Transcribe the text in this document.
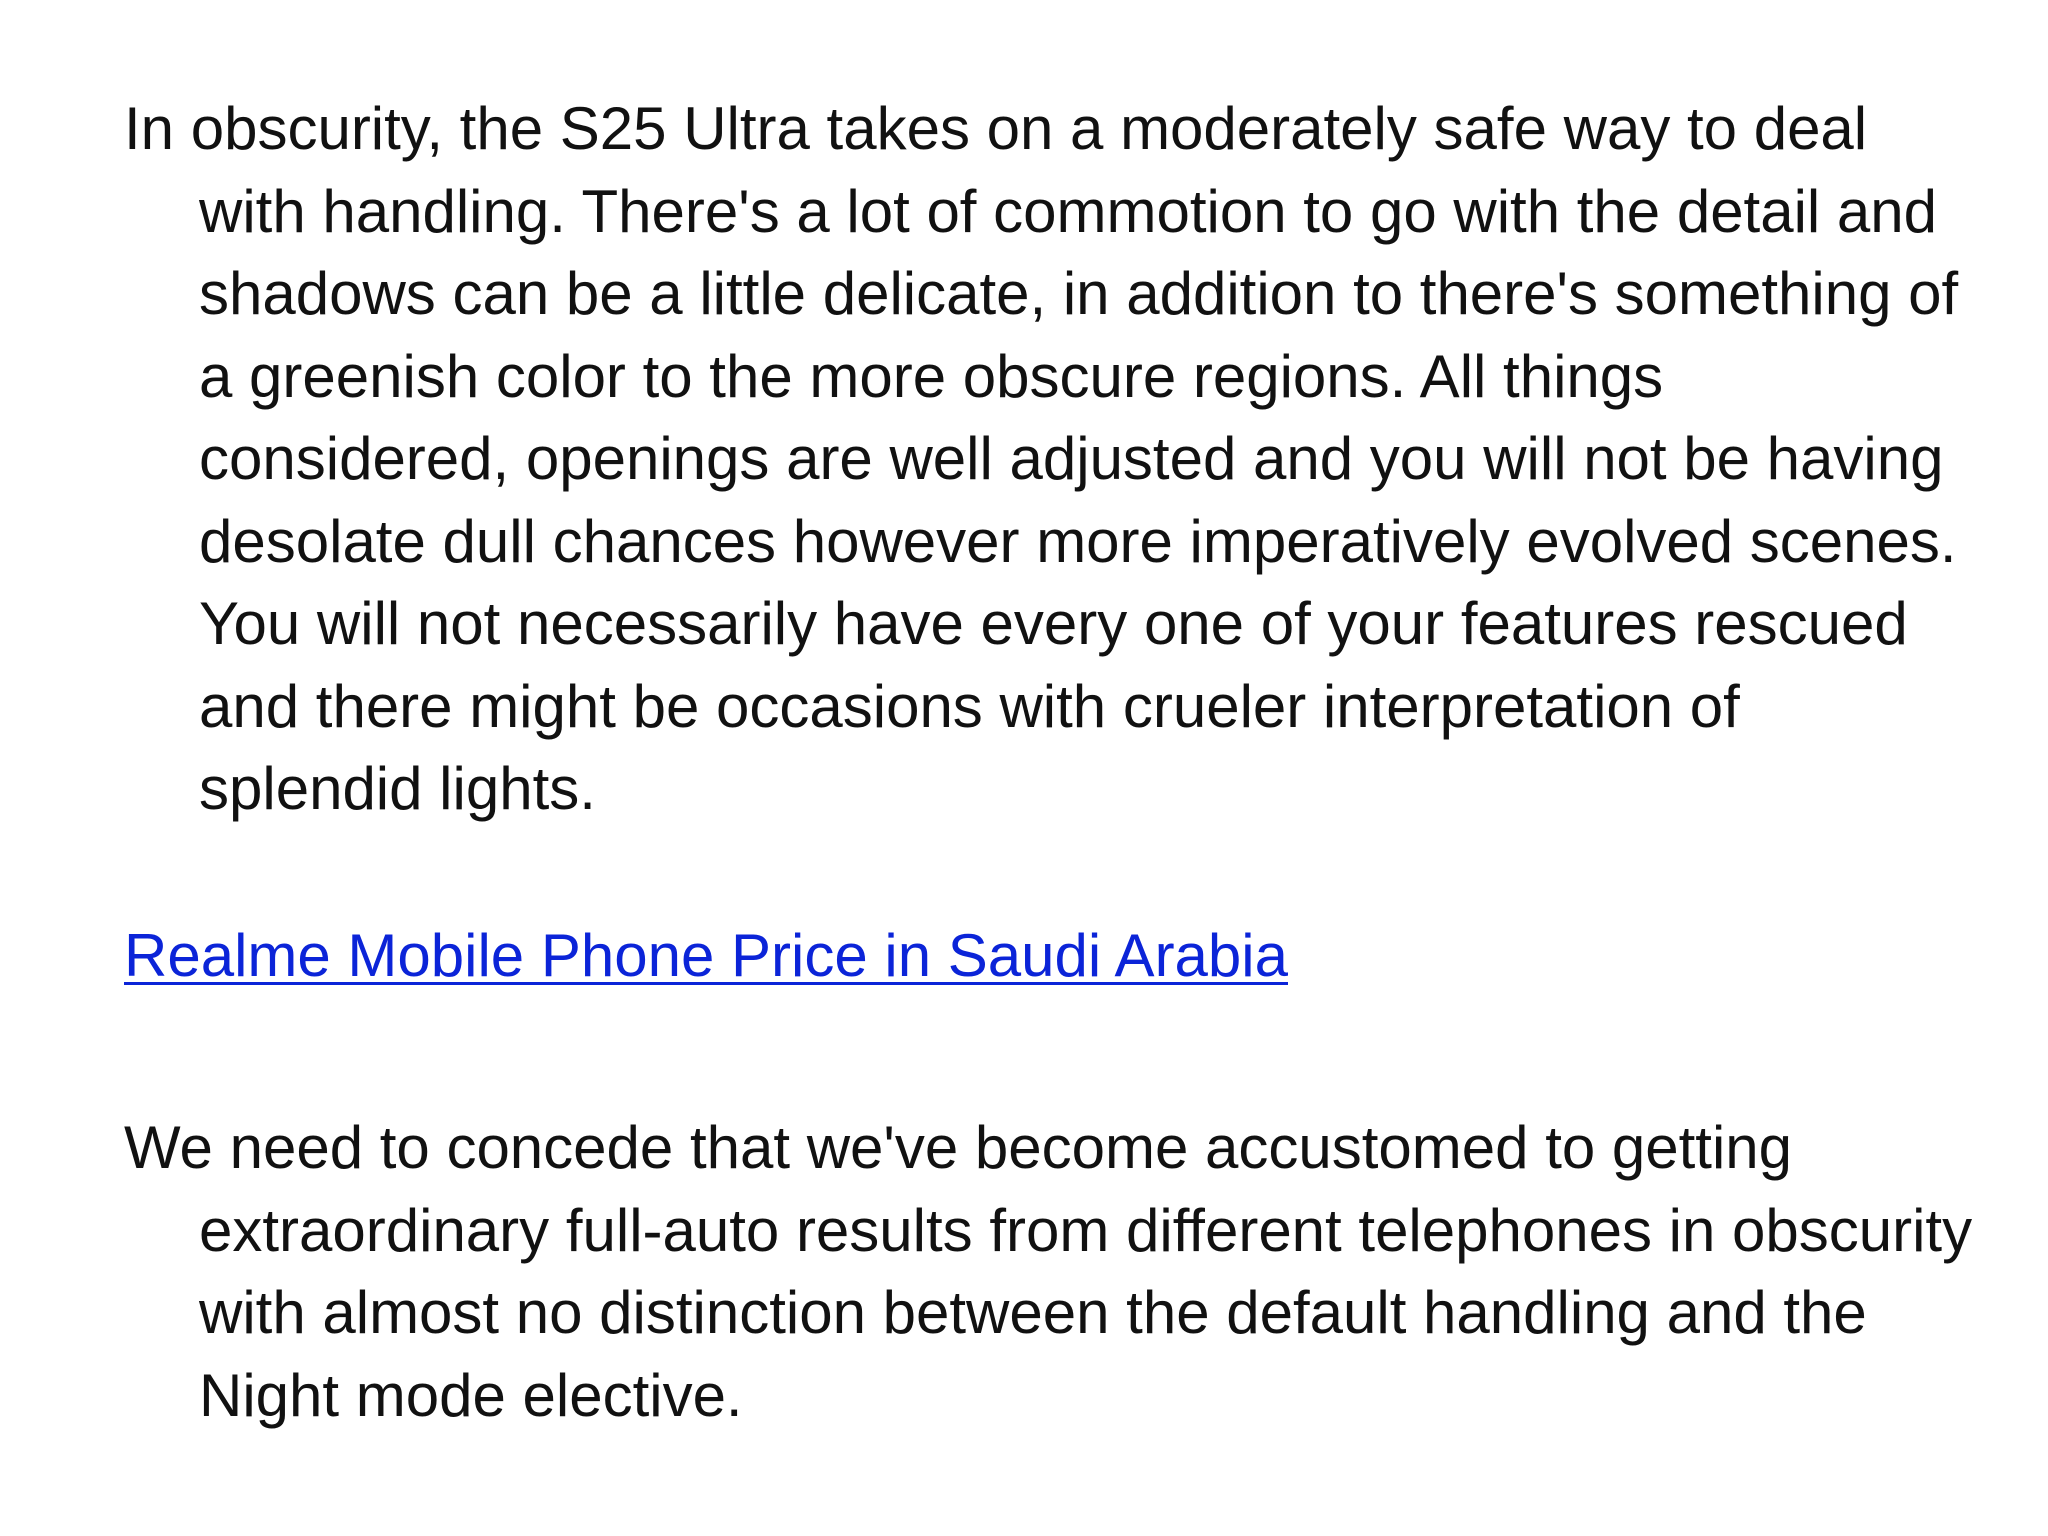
In obscurity, the S25 Ultra takes on a moderately safe way to deal with handling. There's a lot of commotion to go with the detail and shadows can be a little delicate, in addition to there's something of a greenish color to the more obscure regions. All things considered, openings are well adjusted and you will not be having desolate dull chances however more imperatively evolved scenes. You will not necessarily have every one of your features rescued and there might be occasions with crueler interpretation of splendid lights.

Realme Mobile Phone Price in Saudi Arabia

We need to concede that we've become accustomed to getting extraordinary full-auto results from different telephones in obscurity with almost no distinction between the default handling and the Night mode elective.
